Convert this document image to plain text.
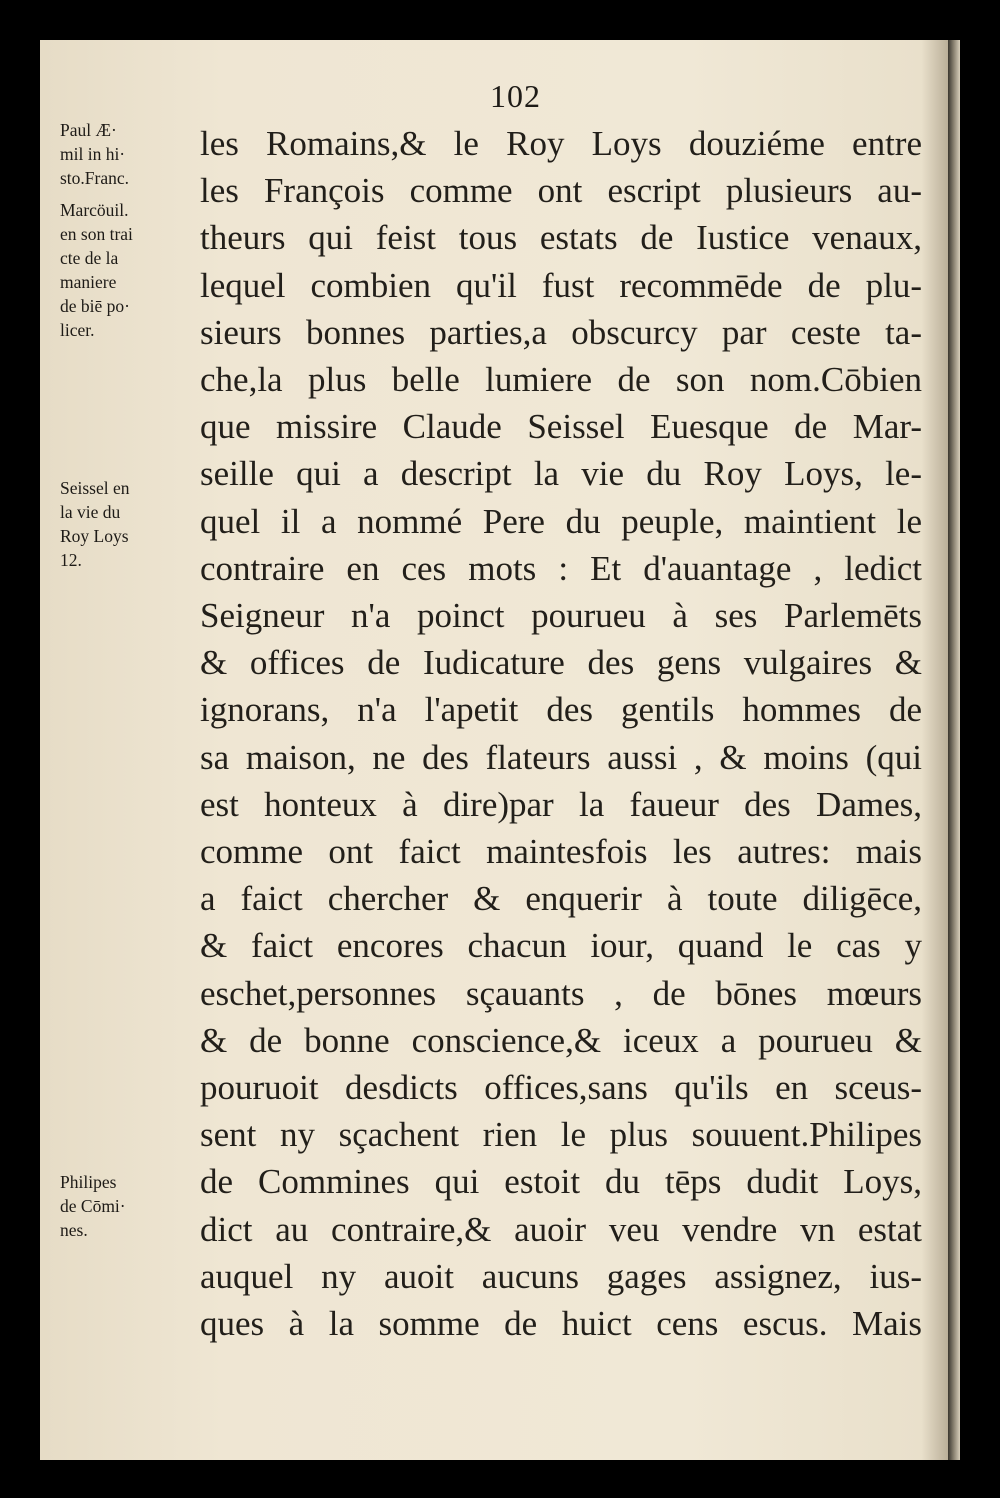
102
les Romains,& le Roy Loys douziéme entre
les François comme ont escript plusieurs au-
theurs qui feist tous estats de Iustice venaux,
lequel combien qu'il fust recommēde de plu-
sieurs bonnes parties,a obscurcy par ceste ta-
che,la plus belle lumiere de son nom.Cōbien
que missire Claude Seissel Euesque de Mar-
seille qui a descript la vie du Roy Loys, le-
quel il a nommé Pere du peuple, maintient le
contraire en ces mots : Et d'auantage , ledict
Seigneur n'a poinct pourueu à ses Parlemēts
& offices de Iudicature des gens vulgaires &
ignorans, n'a l'apetit des gentils hommes de
sa maison, ne des flateurs aussi , & moins (qui
est honteux à dire)par la faueur des Dames,
comme ont faict maintesfois les autres: mais
a faict chercher & enquerir à toute diligēce,
& faict encores chacun iour, quand le cas y
eschet,personnes sçauants , de bōnes mœurs
& de bonne conscience,& iceux a pourueu &
pouruoit desdicts offices,sans qu'ils en sceus-
sent ny sçachent rien le plus souuent.Philipes
de Commines qui estoit du tēps dudit Loys,
dict au contraire,& auoir veu vendre vn estat
auquel ny auoit aucuns gages assignez, ius-
ques à la somme de huict cens escus. Mais
Paul Æ·
mil in hi·
sto.Franc.
Marcöuil.
en son trai
cte de la
maniere
de biē po·
licer.
Seissel en
la vie du
Roy Loys
12.
Philipes
de Cōmi·
nes.
